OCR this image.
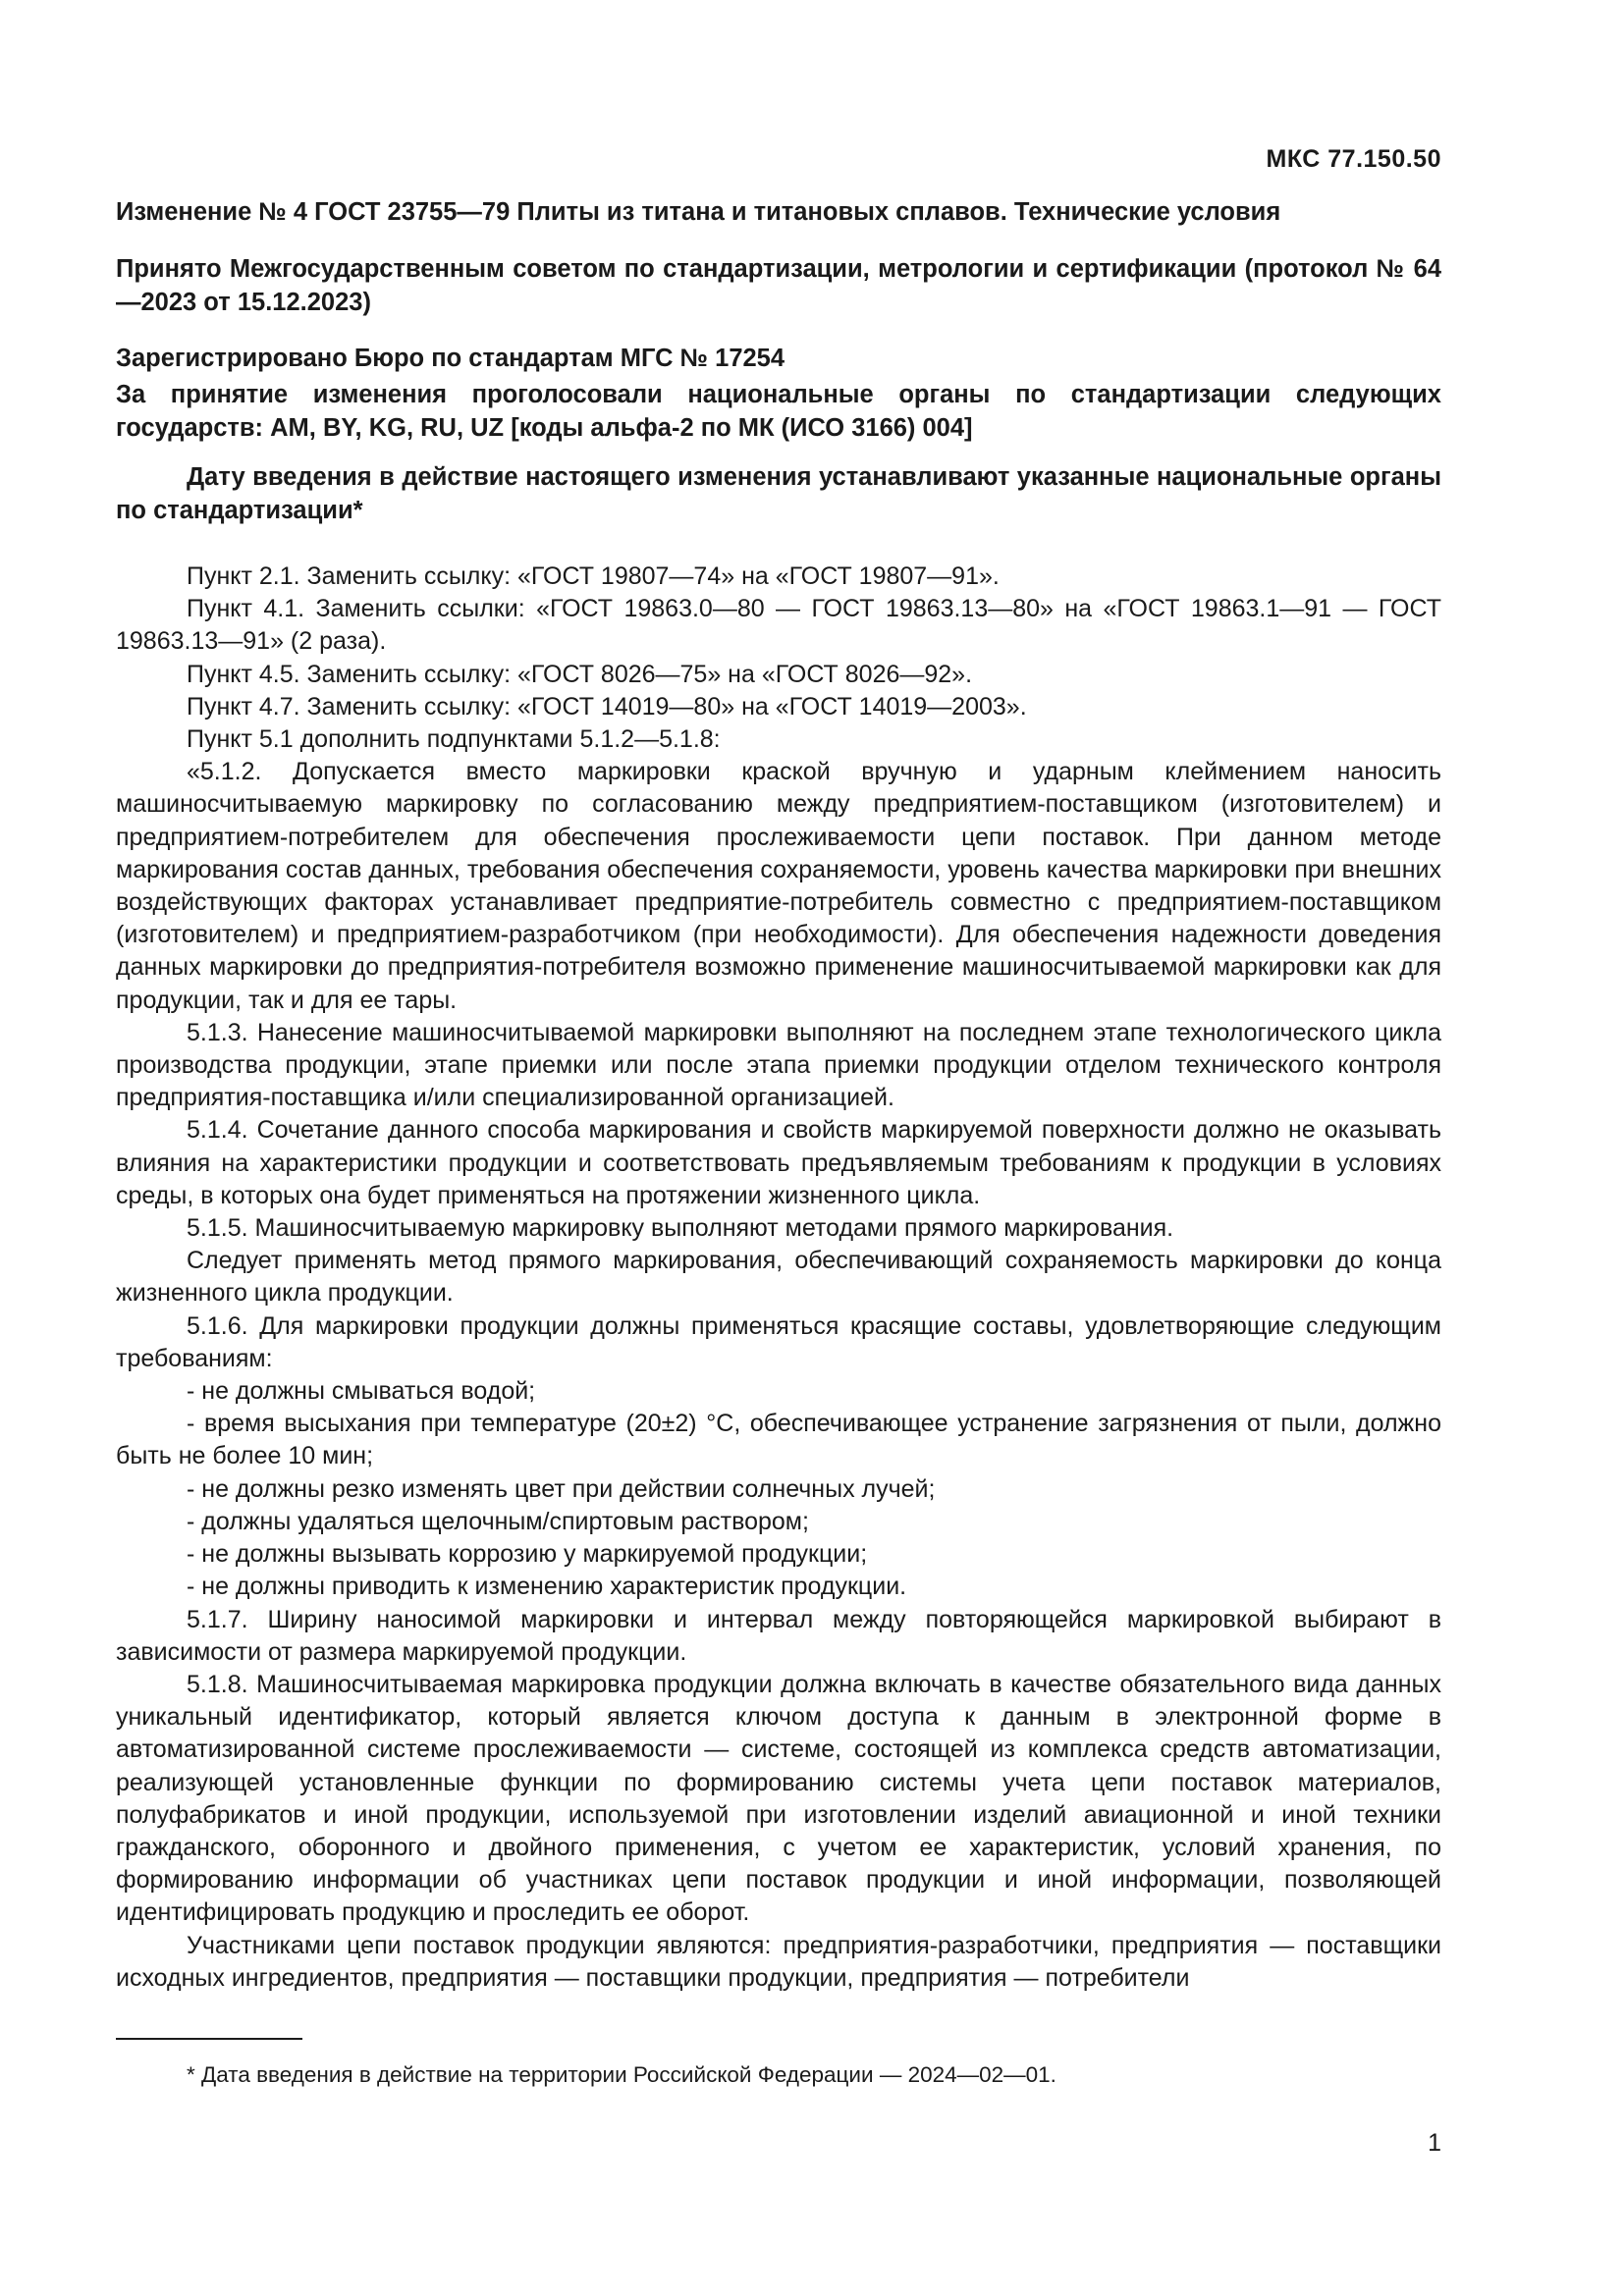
МКС 77.150.50
Изменение № 4 ГОСТ 23755—79 Плиты из титана и титановых сплавов. Технические условия
Принято Межгосударственным советом по стандартизации, метрологии и сертификации (протокол № 64—2023 от 15.12.2023)
Зарегистрировано Бюро по стандартам МГС № 17254
За принятие изменения проголосовали национальные органы по стандартизации следующих государств: AM, BY, KG, RU, UZ [коды альфа-2 по МК (ИСО 3166) 004]
Дату введения в действие настоящего изменения устанавливают указанные национальные органы по стандартизации*

Пункт 2.1. Заменить ссылку: «ГОСТ 19807—74» на «ГОСТ 19807—91».

Пункт 4.1. Заменить ссылки: «ГОСТ 19863.0—80 — ГОСТ 19863.13—80» на «ГОСТ 19863.1—91 — ГОСТ 19863.13—91» (2 раза).

Пункт 4.5. Заменить ссылку: «ГОСТ 8026—75» на «ГОСТ 8026—92».

Пункт 4.7. Заменить ссылку: «ГОСТ 14019—80» на «ГОСТ 14019—2003».

Пункт 5.1 дополнить подпунктами 5.1.2—5.1.8:

«5.1.2. Допускается вместо маркировки краской вручную и ударным клеймением наносить машиносчитываемую маркировку по согласованию между предприятием-поставщиком (изготовителем) и предприятием-потребителем для обеспечения прослеживаемости цепи поставок. При данном методе маркирования состав данных, требования обеспечения сохраняемости, уровень качества маркировки при внешних воздействующих факторах устанавливает предприятие-потребитель совместно с предприятием-поставщиком (изготовителем) и предприятием-разработчиком (при необходимости). Для обеспечения надежности доведения данных маркировки до предприятия-потребителя возможно применение машиносчитываемой маркировки как для продукции, так и для ее тары.

5.1.3. Нанесение машиносчитываемой маркировки выполняют на последнем этапе технологического цикла производства продукции, этапе приемки или после этапа приемки продукции отделом технического контроля предприятия-поставщика и/или специализированной организацией.

5.1.4. Сочетание данного способа маркирования и свойств маркируемой поверхности должно не оказывать влияния на характеристики продукции и соответствовать предъявляемым требованиям к продукции в условиях среды, в которых она будет применяться на протяжении жизненного цикла.

5.1.5. Машиносчитываемую маркировку выполняют методами прямого маркирования.

Следует применять метод прямого маркирования, обеспечивающий сохраняемость маркировки до конца жизненного цикла продукции.

5.1.6. Для маркировки продукции должны применяться красящие составы, удовлетворяющие следующим требованиям:

- не должны смываться водой;

- время высыхания при температуре (20±2) °С, обеспечивающее устранение загрязнения от пыли, должно быть не более 10 мин;

- не должны резко изменять цвет при действии солнечных лучей;

- должны удаляться щелочным/спиртовым раствором;

- не должны вызывать коррозию у маркируемой продукции;

- не должны приводить к изменению характеристик продукции.

5.1.7. Ширину наносимой маркировки и интервал между повторяющейся маркировкой выбирают в зависимости от размера маркируемой продукции.

5.1.8. Машиносчитываемая маркировка продукции должна включать в качестве обязательного вида данных уникальный идентификатор, который является ключом доступа к данным в электронной форме в автоматизированной системе прослеживаемости — системе, состоящей из комплекса средств автоматизации, реализующей установленные функции по формированию системы учета цепи поставок материалов, полуфабрикатов и иной продукции, используемой при изготовлении изделий авиационной и иной техники гражданского, оборонного и двойного применения, с учетом ее характеристик, условий хранения, по формированию информации об участниках цепи поставок продукции и иной информации, позволяющей идентифицировать продукцию и проследить ее оборот.

Участниками цепи поставок продукции являются: предприятия-разработчики, предприятия — поставщики исходных ингредиентов, предприятия — поставщики продукции, предприятия — потребители

* Дата введения в действие на территории Российской Федерации — 2024—02—01.
1
